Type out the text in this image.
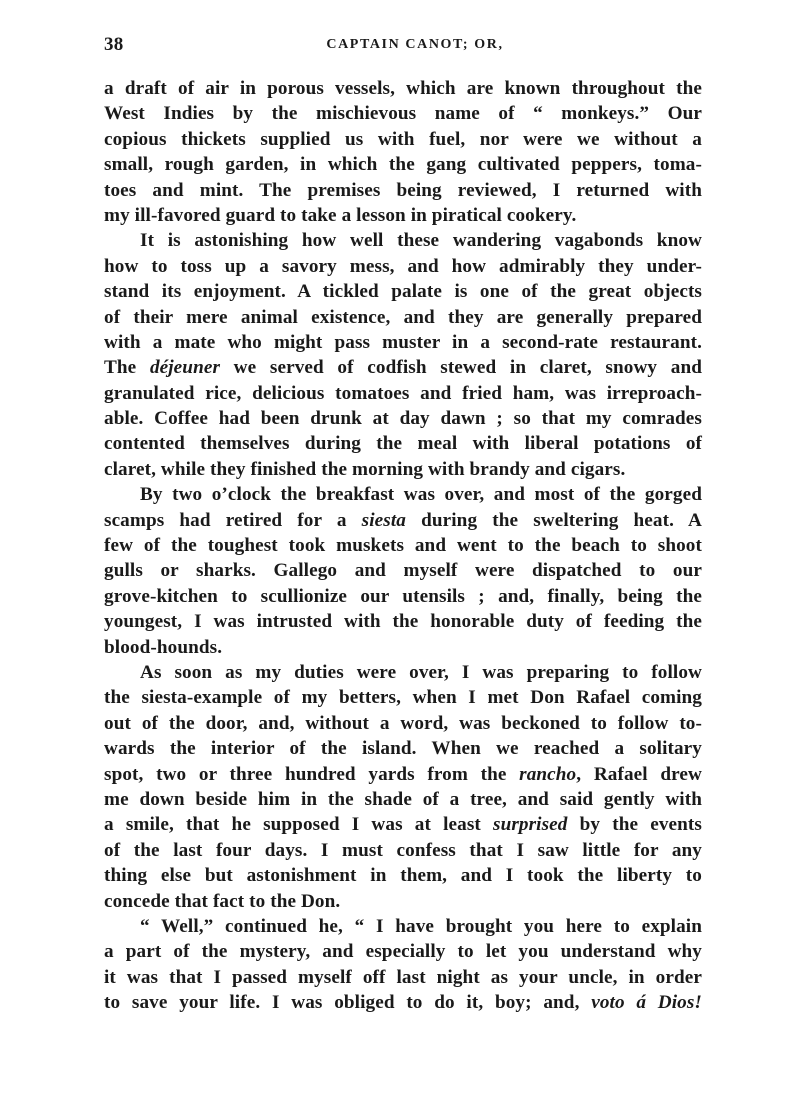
38	CAPTAIN CANOT; OR,
a draft of air in porous vessels, which are known throughout the
West Indies by the mischievous name of “ monkeys.” Our
copious thickets supplied us with fuel, nor were we without a
small, rough garden, in which the gang cultivated peppers, toma-
toes and mint. The premises being reviewed, I returned with
my ill-favored guard to take a lesson in piratical cookery.
It is astonishing how well these wandering vagabonds know
how to toss up a savory mess, and how admirably they under-
stand its enjoyment. A tickled palate is one of the great objects
of their mere animal existence, and they are generally prepared
with a mate who might pass muster in a second-rate restaurant.
The déjeuner we served of codfish stewed in claret, snowy and
granulated rice, delicious tomatoes and fried ham, was irreproach-
able. Coffee had been drunk at day dawn ; so that my comrades
contented themselves during the meal with liberal potations of
claret, while they finished the morning with brandy and cigars.
By two o’clock the breakfast was over, and most of the gorged
scamps had retired for a siesta during the sweltering heat. A
few of the toughest took muskets and went to the beach to shoot
gulls or sharks. Gallego and myself were dispatched to our
grove-kitchen to scullionize our utensils ; and, finally, being the
youngest, I was intrusted with the honorable duty of feeding the
blood-hounds.
As soon as my duties were over, I was preparing to follow
the siesta-example of my betters, when I met Don Rafael coming
out of the door, and, without a word, was beckoned to follow to-
wards the interior of the island. When we reached a solitary
spot, two or three hundred yards from the rancho, Rafael drew
me down beside him in the shade of a tree, and said gently with
a smile, that he supposed I was at least surprised by the events
of the last four days. I must confess that I saw little for any
thing else but astonishment in them, and I took the liberty to
concede that fact to the Don.
“ Well,” continued he, “ I have brought you here to explain
a part of the mystery, and especially to let you understand why
it was that I passed myself off last night as your uncle, in order
to save your life. I was obliged to do it, boy; and, voto á Dios!
